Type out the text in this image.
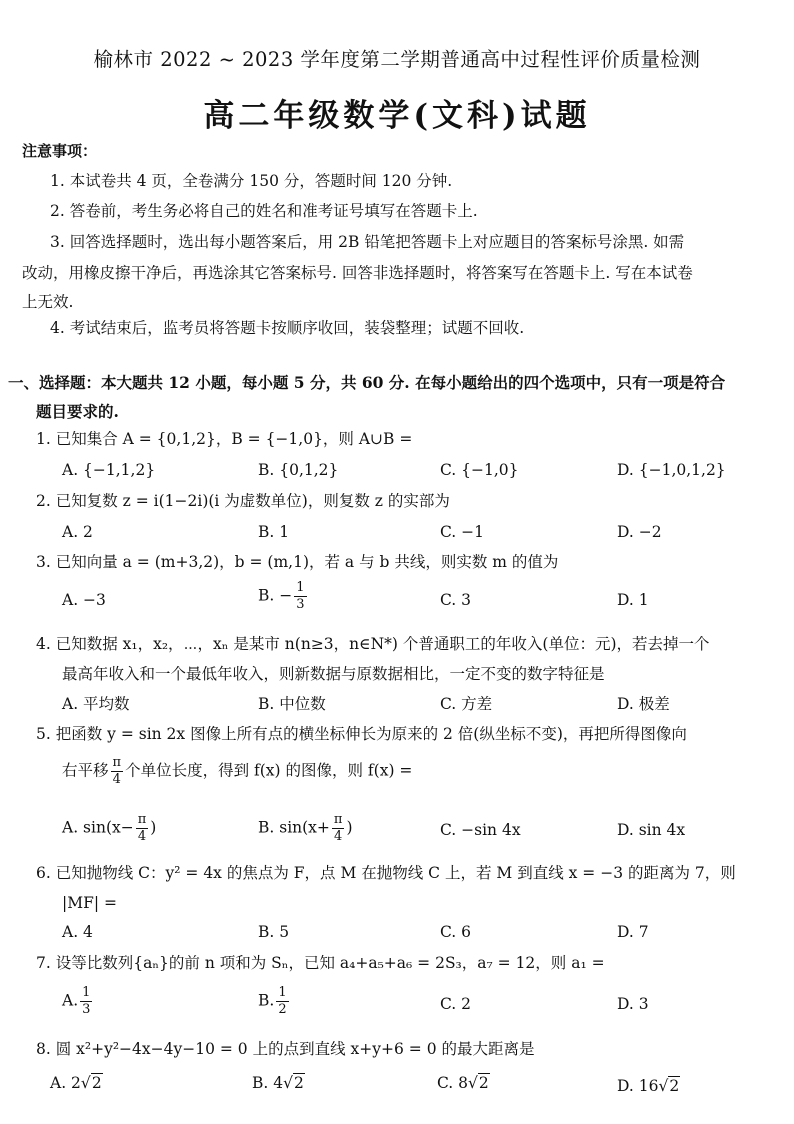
榆林市 2022 ~ 2023 学年度第二学期普通高中过程性评价质量检测
高二年级数学(文科)试题
注意事项：
1. 本试卷共 4 页，全卷满分 150 分，答题时间 120 分钟.
2. 答卷前，考生务必将自己的姓名和准考证号填写在答题卡上.
3. 回答选择题时，选出每小题答案后，用 2B 铅笔把答题卡上对应题目的答案标号涂黑. 如需
改动，用橡皮擦干净后，再选涂其它答案标号. 回答非选择题时，将答案写在答题卡上. 写在本试卷
上无效.
4. 考试结束后，监考员将答题卡按顺序收回，装袋整理；试题不回收.
一、选择题：本大题共 12 小题，每小题 5 分，共 60 分. 在每小题给出的四个选项中，只有一项是符合
题目要求的.
1. 已知集合 A = {0,1,2}，B = {−1,0}，则 A∪B =
A. {−1,1,2}	B. {0,1,2}	C. {−1,0}	D. {−1,0,1,2}
2. 已知复数 z = i(1−2i)(i 为虚数单位)，则复数 z 的实部为
A. 2	B. 1	C. −1	D. −2
3. 已知向量 a = (m+3,2)，b = (m,1)，若 a 与 b 共线，则实数 m 的值为
A. −3	B. − $\frac{1}{3}$	C. 3	D. 1
4. 已知数据 x₁，x₂，⋯，xₙ 是某市 n(n≥3，n∈N*) 个普通职工的年收入(单位：元)，若去掉一个
最高年收入和一个最低年收入，则新数据与原数据相比，一定不变的数字特征是
A. 平均数	B. 中位数	C. 方差	D. 极差
5. 把函数 y = sin 2x 图像上所有点的横坐标伸长为原来的 2 倍(纵坐标不变)，再把所得图像向
右平移 $\frac{\pi}{4}$ 个单位长度，得到 f(x) 的图像，则 f(x) =
A. $\sin(x- \frac{\pi}{4}$ )	B. $\sin(x+ \frac{\pi}{4}$ )	C. −sin 4x	D. sin 4x
6. 已知抛物线 C：y² = 4x 的焦点为 F，点 M 在抛物线 C 上，若 M 到直线 x = −3 的距离为 7，则
|MF| =
A. 4	B. 5	C. 6	D. 7
7. 设等比数列{aₙ}的前 n 项和为 Sₙ，已知 a₄+a₅+a₆ = 2S₃，a₇ = 12，则 a₁ =
A. $\frac{1}{3}$	B. $\frac{1}{2}$	C. 2	D. 3
8. 圆 x²+y²−4x−4y−10 = 0 上的点到直线 x+y+6 = 0 的最大距离是
A. 2√2	B. 4√2	C. 8√2	D. 16√2
